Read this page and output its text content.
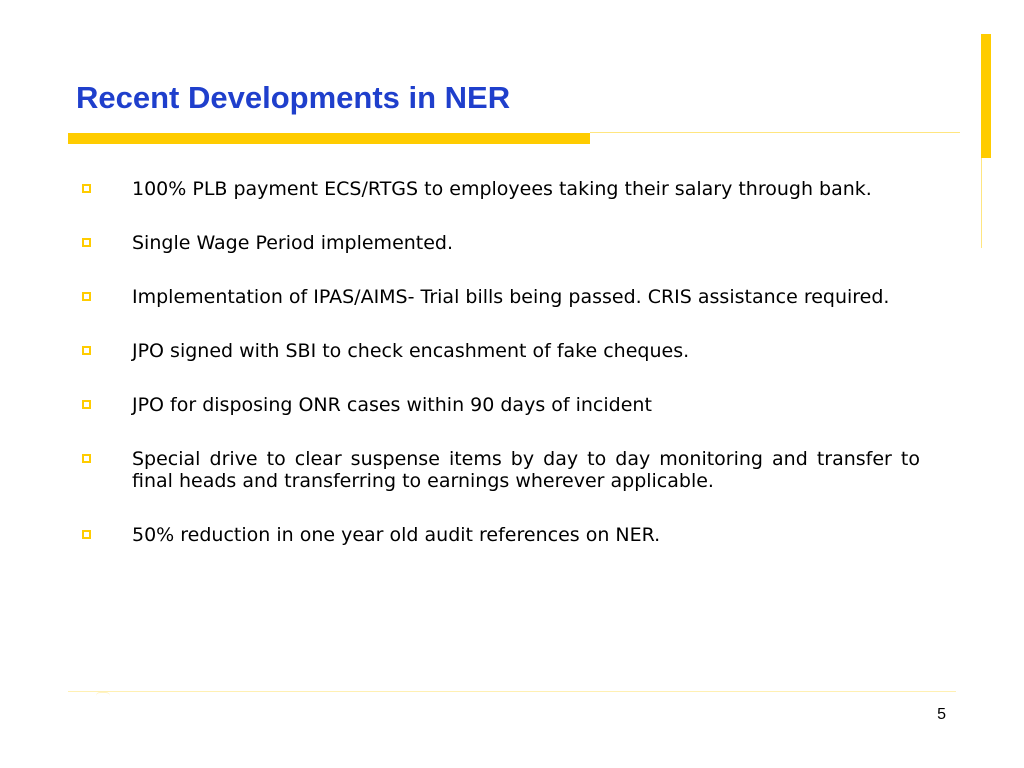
Recent Developments in NER
100% PLB payment ECS/RTGS to employees taking their salary through bank.
Single Wage Period implemented.
Implementation of IPAS/AIMS- Trial bills being passed. CRIS assistance required.
JPO signed with SBI to check encashment of fake cheques.
JPO for disposing ONR cases within 90 days of incident
Special drive to clear suspense items by day to day monitoring and transfer to final heads and transferring to earnings wherever applicable.
50% reduction in one year old audit references on NER.
5
